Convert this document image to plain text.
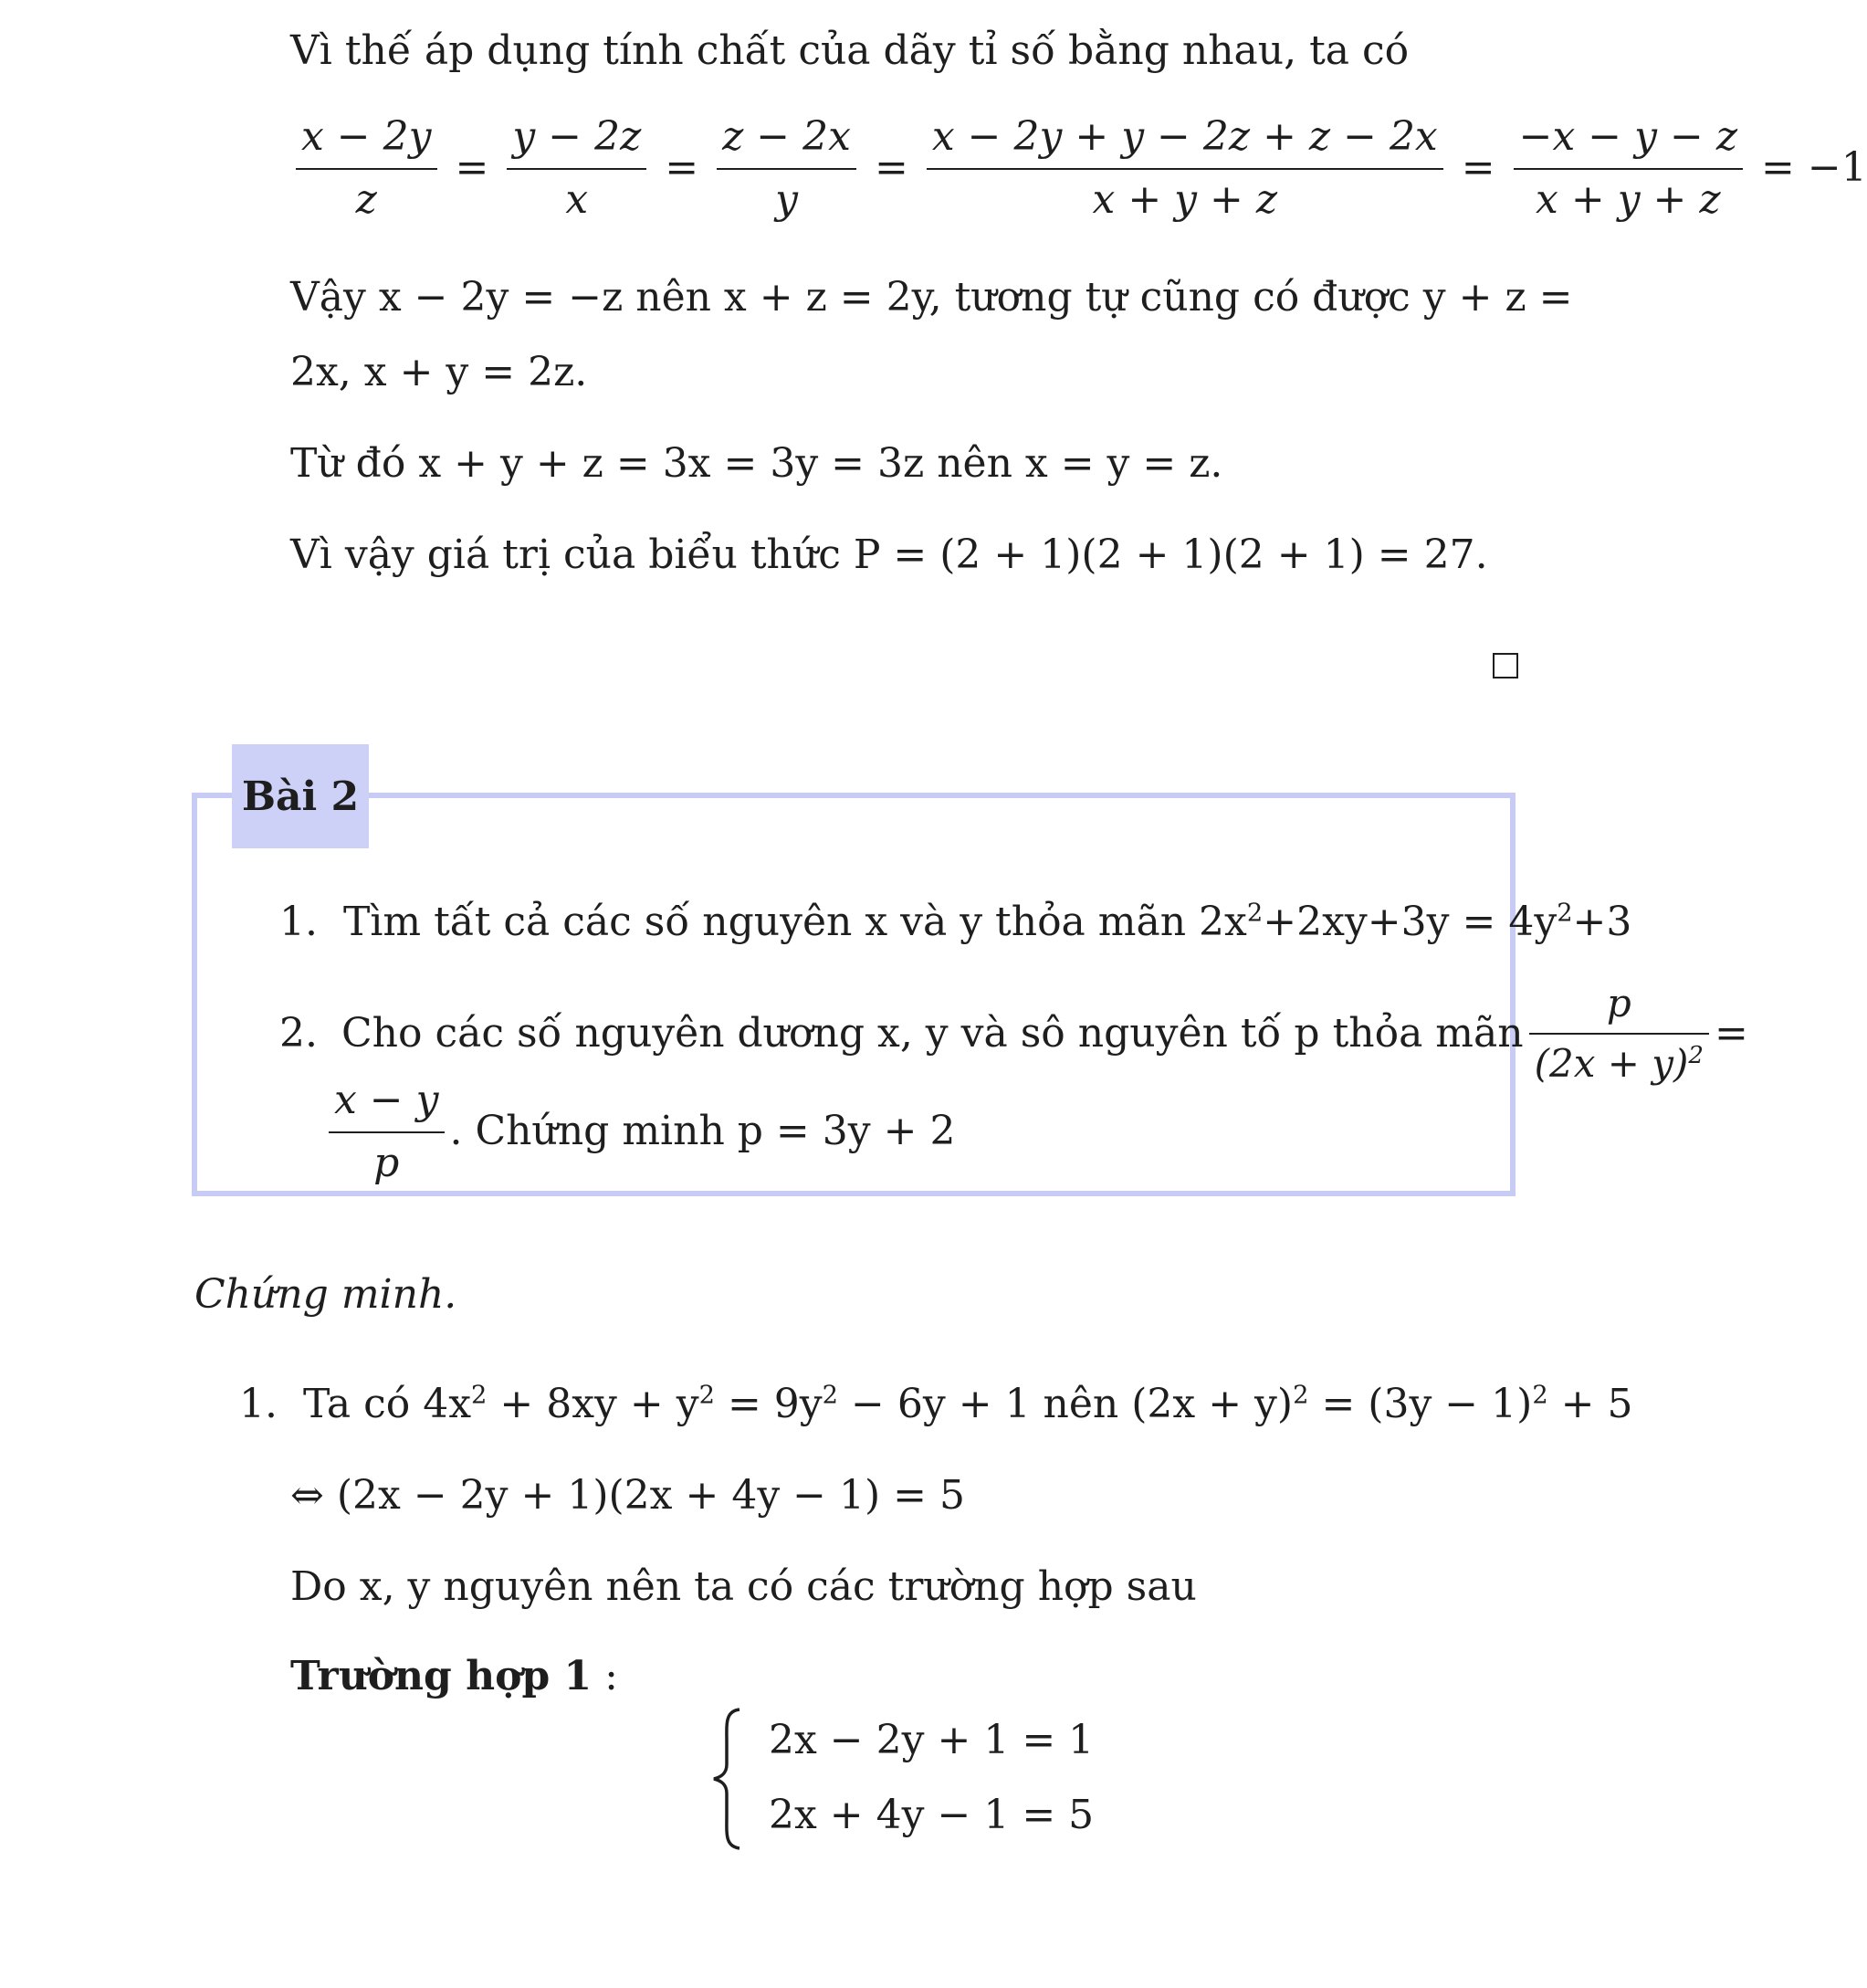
Vì thế áp dụng tính chất của dãy tỉ số bằng nhau, ta có
$\frac{x - 2y}{z} = \frac{y - 2z}{x} = \frac{z - 2x}{y} = \frac{x - 2y + y - 2z + z - 2x}{x + y + z} = \frac{-x - y - z}{x + y + z} = -1$
Vậy x − 2y = −z nên x + z = 2y, tương tự cũng có được y + z =
2x, x + y = 2z.
Từ đó x + y + z = 3x = 3y = 3z nên x = y = z.
Vì vậy giá trị của biểu thức P = (2 + 1)(2 + 1)(2 + 1) = 27.
Bài 2
1. Tìm tất cả các số nguyên x và y thỏa mãn $2x^2+2xy+3y = 4y^2+3$
2.
Cho các số nguyên dương x, y và sô nguyên tố p thỏa mãn $\frac{p}{(2x + y)^2}$ =
$\frac{x - y}{p}$ . Chứng minh p = 3y + 2
Chứng minh.
1. Ta có $4x^2 + 8xy + y^2 = 9y^2 - 6y + 1$ nên $(2x + y)^2 = (3y - 1)^2 + 5$
⇔ (2x − 2y + 1)(2x + 4y − 1) = 5
Do x, y nguyên nên ta có các trường hợp sau
Trường hợp 1 :
2x − 2y + 1 = 1
2x + 4y − 1 = 5
